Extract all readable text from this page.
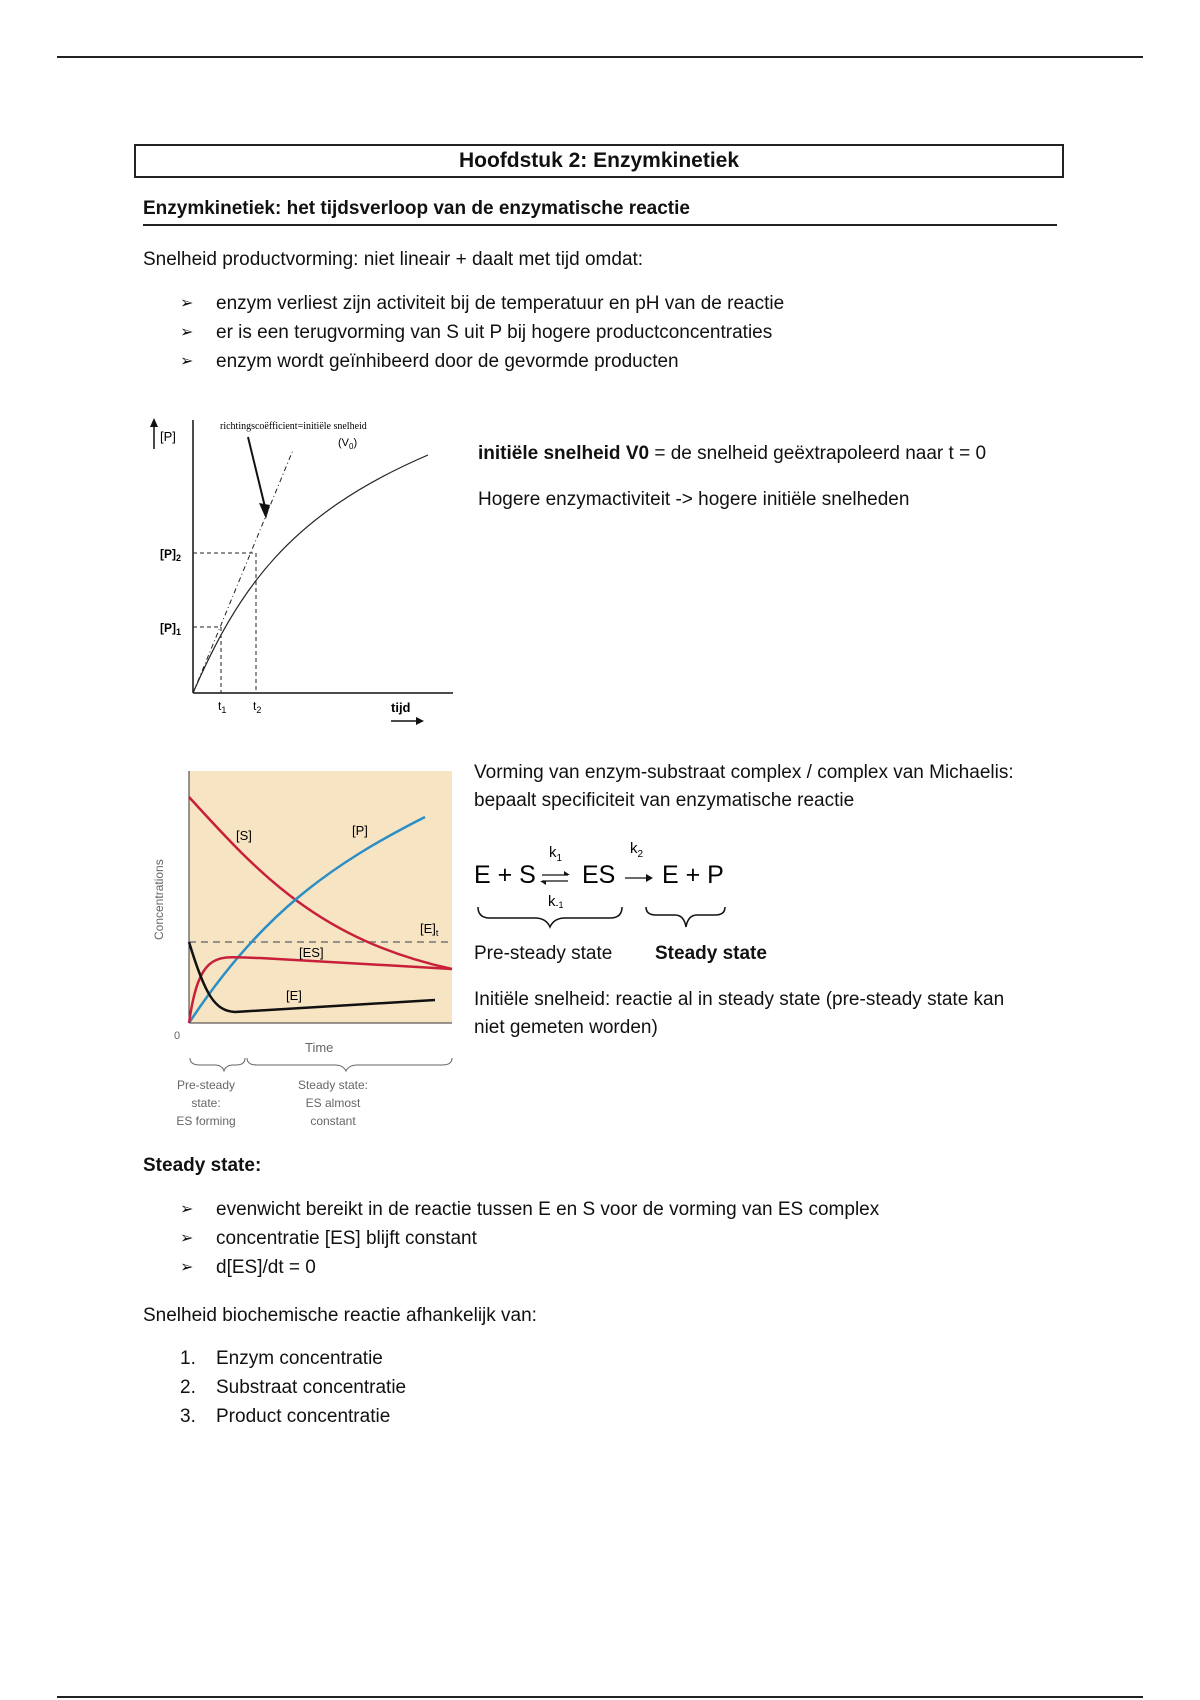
Hoofdstuk 2: Enzymkinetiek
Enzymkinetiek: het tijdsverloop van de enzymatische reactie
Snelheid productvorming: niet lineair + daalt met tijd omdat:
➢	enzym verliest zijn activiteit bij de temperatuur en pH van de reactie
➢	er is een terugvorming van S uit P bij hogere productconcentraties
➢	enzym wordt geïnhibeerd door de gevormde producten
[P]
richtingscoëfficient=initiële snelheid
$(V_0)$
$[P]_2$
$[P]_1$
$t_1$ $t_2$	tijd
initiële snelheid V0 = de snelheid geëxtrapoleerd naar t = 0
Hogere enzymactiviteit -> hogere initiële snelheden
[S]	[P]
[ES]
[E]
$[E]_t$
Concentrations
0
Time
Pre-steady
state:
ES forming
Steady state:
ES almost
constant
Vorming van enzym-substraat complex / complex van Michaelis:
bepaalt specificiteit van enzymatische reactie
E + S
$k_1$
k-1
ES
$k_2$
E + P
Pre-steady state Steady state
Initiële snelheid: reactie al in steady state (pre-steady state kan
niet gemeten worden)
Steady state:
➢	evenwicht bereikt in de reactie tussen E en S voor de vorming van ES complex
➢	concentratie [ES] blijft constant
➢	d[ES]/dt = 0
Snelheid biochemische reactie afhankelijk van:
1.	Enzym concentratie
2.	Substraat concentratie
3.	Product concentratie
